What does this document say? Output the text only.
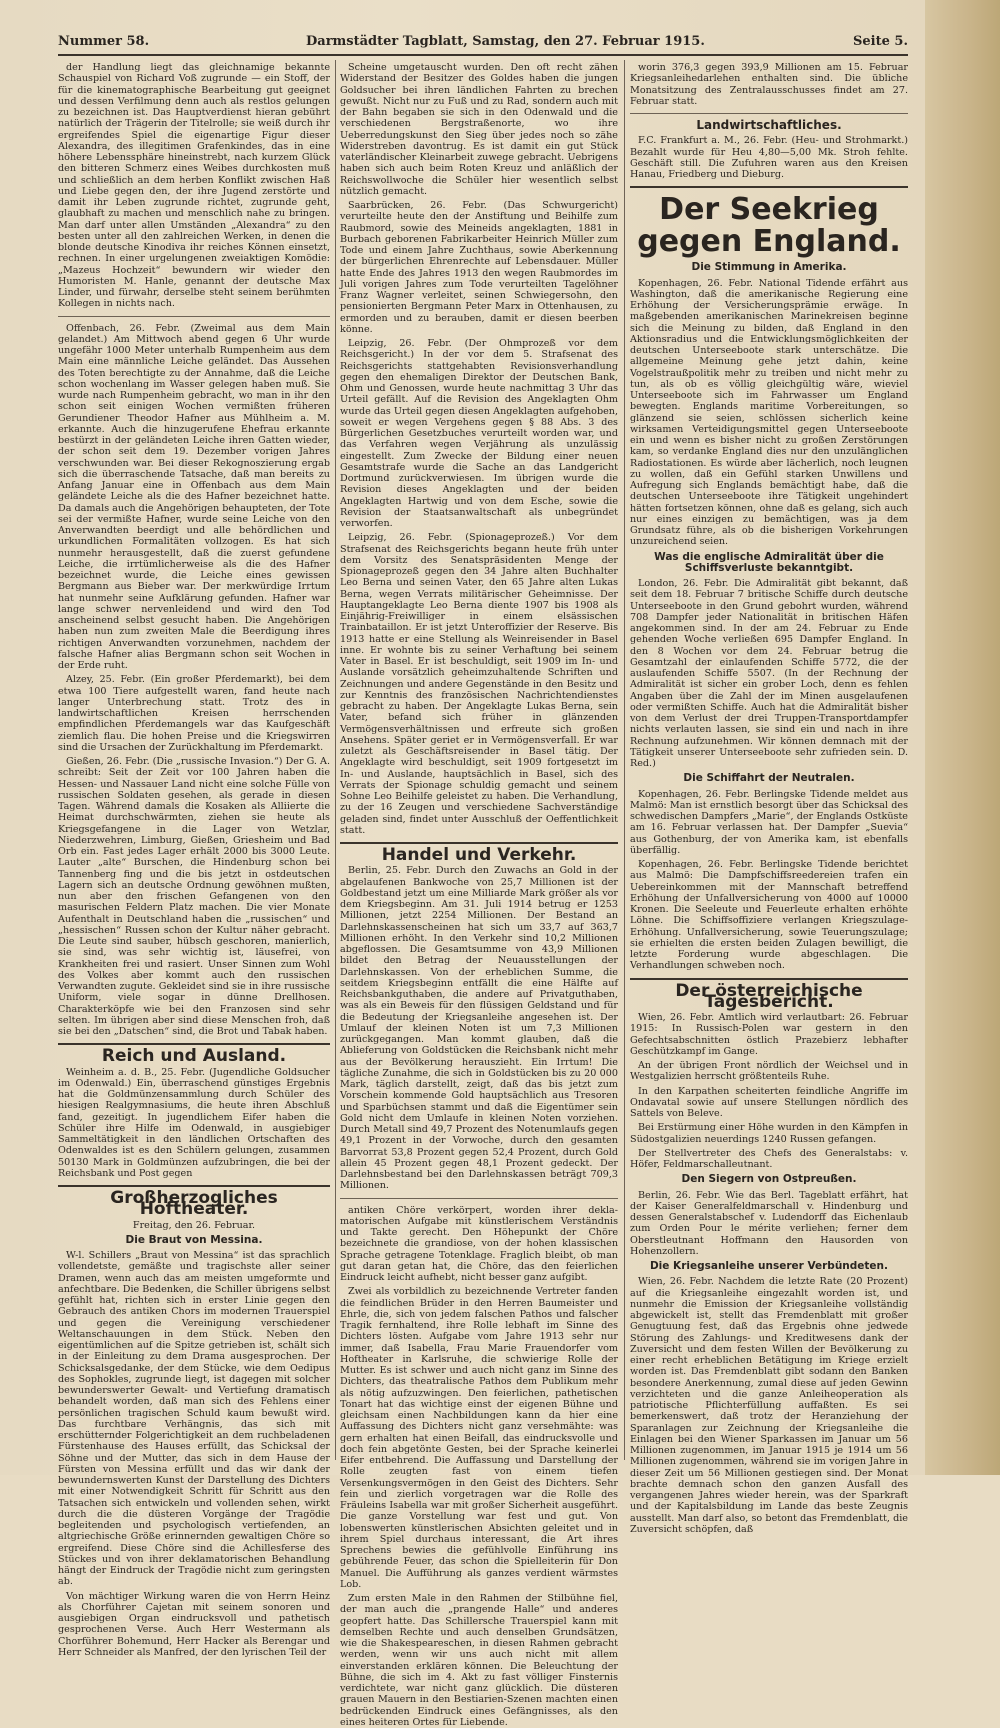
Nummer 58.	Darmstädter Tagblatt, Samstag, den 27. Februar 1915.	Seite 5.

der Handlung liegt das gleichnamige bekannte Schauspiel von Richard Voß zugrunde — ein Stoff, der für die kinematographische Bearbeitung gut geeignet und dessen Verfilmung denn auch als restlos gelungen zu bezeichnen ist. Das Hauptverdienst hieran gebührt natürlich der Trägerin der Titelrolle; sie weiß durch ihr ergreifendes Spiel die eigenartige Figur dieser Alexandra, des illegitimen Grafenkindes, das in eine höhere Lebenssphäre hineinstrebt, nach kurzem Glück den bitteren Schmerz eines Weibes durchkosten muß und schließlich an dem herben Konflikt zwischen Haß und Liebe gegen den, der ihre Jugend zerstörte und damit ihr Leben zugrunde richtet, zugrunde geht, glaubhaft zu machen und menschlich nahe zu bringen. Man darf unter allen Umständen „Alexandra“ zu den besten unter all den zahlreichen Werken, in denen die blonde deutsche Kinodiva ihr reiches Können einsetzt, rechnen. In einer urgelungenen zweiaktigen Komödie: „Mazeus Hochzeit“ bewundern wir wieder den Humoristen M. Hanle, genannt der deutsche Max Linder, und fürwahr, derselbe steht seinem berühmten Kollegen in nichts nach.

Offenbach, 26. Febr. (Zweimal aus dem Main gelandet.) Am Mittwoch abend gegen 6 Uhr wurde ungefähr 1000 Meter unterhalb Rumpenheim aus dem Main eine männliche Leiche geländet. Das Aussehen des Toten berechtigte zu der Annahme, daß die Leiche schon wochenlang im Wasser gelegen haben muß. Sie wurde nach Rumpenheim gebracht, wo man in ihr den schon seit einigen Wochen vermißten früheren Gerundiener Theodor Hafner aus Mühlheim a. M. erkannte. Auch die hinzugerufene Ehefrau erkannte bestürzt in der geländeten Leiche ihren Gatten wieder, der schon seit dem 19. Dezember vorigen Jahres verschwunden war. Bei dieser Rekognoszierung ergab sich die überraschende Tatsache, daß man bereits zu Anfang Januar eine in Offenbach aus dem Main geländete Leiche als die des Hafner bezeichnet hatte. Da damals auch die Angehörigen behaupteten, der Tote sei der vermißte Hafner, wurde seine Leiche von den Anverwandten beerdigt und alle behördlichen und urkundlichen Formalitäten vollzogen. Es hat sich nunmehr herausgestellt, daß die zuerst gefundene Leiche, die irrtümlicherweise als die des Hafner bezeichnet wurde, die Leiche eines gewissen Bergmann aus Bieber war. Der merkwürdige Irrtum hat nunmehr seine Aufklärung gefunden. Hafner war lange schwer nervenleidend und wird den Tod anscheinend selbst gesucht haben. Die Angehörigen haben nun zum zweiten Male die Beerdigung ihres richtigen Anverwandten vorzunehmen, nachdem der falsche Hafner alias Bergmann schon seit Wochen in der Erde ruht.

Alzey, 25. Febr. (Ein großer Pferdemarkt), bei dem etwa 100 Tiere aufgestellt waren, fand heute nach langer Unterbrechung statt. Trotz des in landwirtschaftlichen Kreisen herrschenden empfindlichen Pferdemangels war das Kaufgeschäft ziemlich flau. Die hohen Preise und die Kriegswirren sind die Ursachen der Zurückhaltung im Pferdemarkt.

Gießen, 26. Febr. (Die „russische Invasion.“) Der G. A. schreibt: Seit der Zeit vor 100 Jahren haben die Hessen- und Nassauer Land nicht eine solche Fülle von russischen Soldaten gesehen, als gerade in diesen Tagen. Während damals die Kosaken als Alliierte die Heimat durchschwärmten, ziehen sie heute als Kriegsgefangene in die Lager von Wetzlar, Niederzwehren, Limburg, Gießen, Griesheim und Bad Orb ein. Fast jedes Lager erhält 2000 bis 3000 Leute. Lauter „alte“ Burschen, die Hindenburg schon bei Tannenberg fing und die bis jetzt in ostdeutschen Lagern sich an deutsche Ordnung gewöhnen mußten, nun aber den frischen Gefangenen von den masurischen Feldern Platz machen. Die vier Monate Aufenthalt in Deutschland haben die „russischen“ und „hessischen“ Russen schon der Kultur näher gebracht. Die Leute sind sauber, hübsch geschoren, manierlich, sie sind, was sehr wichtig ist, läusefrei, von Krankheiten frei und rasiert. Unser Sinnen zum Wohl des Volkes aber kommt auch den russischen Verwandten zugute. Gekleidet sind sie in ihre russische Uniform, viele sogar in dünne Drellhosen. Charakterköpfe wie bei den Franzosen sind sehr selten. Im übrigen aber sind diese Menschen froh, daß sie bei den „Datschen“ sind, die Brot und Tabak haben.

Reich und Ausland.

Weinheim a. d. B., 25. Febr. (Jugendliche Goldsucher im Odenwald.) Ein, überraschend günstiges Ergebnis hat die Goldmünzensammlung durch Schüler des hiesigen Realgymnasiums, die heute ihren Abschluß fand, gezeitigt. In jugendlichem Eifer haben die Schüler ihre Hilfe im Odenwald, in ausgiebiger Sammeltätigkeit in den ländlichen Ortschaften des Odenwaldes ist es den Schülern gelungen, zusammen 50130 Mark in Goldmünzen aufzubringen, die bei der Reichsbank und Post gegen

Großherzogliches Hoftheater.
Freitag, den 26. Februar.
Die Braut von Messina.

W-l. Schillers „Braut von Messina“ ist das sprachlich vollendetste, gemäßte und tragischste aller seiner Dramen, wenn auch das am meisten umgeformte und anfechtbare. Die Bedenken, die Schiller übrigens selbst gefühlt hat, richten sich in erster Linie gegen den Gebrauch des antiken Chors im modernen Trauerspiel und gegen die Vereinigung verschiedener Weltanschauungen in dem Stück. Neben den eigentümlichen auf die Spitze getrieben ist, schält sich in der Einleitung zu dem Drama ausgesprochen. Der Schicksalsgedanke, der dem Stücke, wie dem Oedipus des Sophokles, zugrunde liegt, ist dagegen mit solcher bewunderswerter Gewalt- und Vertiefung dramatisch behandelt worden, daß man sich des Fehlens einer persönlichen tragischen Schuld kaum bewußt wird. Das furchtbare Verhängnis, das sich mit erschütternder Folgerichtigkeit an dem ruchbeladenen Fürstenhause des Hauses erfüllt, das Schicksal der Söhne und der Mutter, das sich in dem Hause der Fürsten von Messina erfüllt und das wir dank der bewundernswerten Kunst der Darstellung des Dichters mit einer Notwendigkeit Schritt für Schritt aus den Tatsachen sich entwickeln und vollenden sehen, wirkt durch die die düsteren Vorgänge der Tragödie begleitenden und psychologisch vertiefenden, an altgriechische Größe erinnernden gewaltigen Chöre so ergreifend. Diese Chöre sind die Achillesferse des Stückes und von ihrer deklamatorischen Behandlung hängt der Eindruck der Tragödie nicht zum geringsten ab.

Von mächtiger Wirkung waren die von Herrn Heinz als Chorführer Cajetan mit seinem sonoren und ausgiebigen Organ eindrucksvoll und pathetisch gesprochenen Verse. Auch Herr Westermann als Chorführer Bohemund, Herr Hacker als Berengar und Herr Schneider als Manfred, der den lyrischen Teil der

Scheine umgetauscht wurden. Den oft recht zähen Widerstand der Besitzer des Goldes haben die jungen Goldsucher bei ihren ländlichen Fahrten zu brechen gewußt. Nicht nur zu Fuß und zu Rad, sondern auch mit der Bahn begaben sie sich in den Odenwald und die verschiedenen Bergstraßenorte, wo ihre Ueberredungskunst den Sieg über jedes noch so zähe Widerstreben davontrug. Es ist damit ein gut Stück vaterländischer Kleinarbeit zuwege gebracht. Uebrigens haben sich auch beim Roten Kreuz und anläßlich der Reichswollwoche die Schüler hier wesentlich selbst nützlich gemacht.

Saarbrücken, 26. Febr. (Das Schwurgericht) verurteilte heute den der Anstiftung und Beihilfe zum Raubmord, sowie des Meineids angeklagten, 1881 in Burbach geborenen Fabrikarbeiter Heinrich Müller zum Tode und einem Jahre Zuchthaus, sowie Aberkennung der bürgerlichen Ehrenrechte auf Lebensdauer. Müller hatte Ende des Jahres 1913 den wegen Raubmordes im Juli vorigen Jahres zum Tode verurteilten Tagelöhner Franz Wagner verleitet, seinen Schwiegersohn, den pensionierten Bergmann Peter Marx in Ottenhausen, zu ermorden und zu berauben, damit er diesen beerben könne.

Leipzig, 26. Febr. (Der Ohmprozeß vor dem Reichsgericht.) In der vor dem 5. Strafsenat des Reichsgerichts stattgehabten Revisionsverhandlung gegen den ehemaligen Direktor der Deutschen Bank, Ohm und Genossen, wurde heute nachmittag 3 Uhr das Urteil gefällt. Auf die Revision des Angeklagten Ohm wurde das Urteil gegen diesen Angeklagten aufgehoben, soweit er wegen Vergehens gegen § 88 Abs. 3 des Bürgerlichen Gesetzbuches verurteilt worden war, und das Verfahren wegen Verjährung als unzulässig eingestellt. Zum Zwecke der Bildung einer neuen Gesamtstrafe wurde die Sache an das Landgericht Dortmund zurückverwiesen. Im übrigen wurde die Revision dieses Angeklagten und der beiden Angeklagten Hartwig und von dem Esche, sowie die Revision der Staatsanwaltschaft als unbegründet verworfen.

Leipzig, 26. Febr. (Spionageprozeß.) Vor dem Strafsenat des Reichsgerichts begann heute früh unter dem Vorsitz des Senatspräsidenten Menge der Spionageprozeß gegen den 34 Jahre alten Buchhalter Leo Berna und seinen Vater, den 65 Jahre alten Lukas Berna, wegen Verrats militärischer Geheimnisse. Der Hauptangeklagte Leo Berna diente 1907 bis 1908 als Einjährig-Freiwilliger in einem elsässischen Trainbataillon. Er ist jetzt Unteroffizier der Reserve. Bis 1913 hatte er eine Stellung als Weinreisender in Basel inne. Er wohnte bis zu seiner Verhaftung bei seinem Vater in Basel. Er ist beschuldigt, seit 1909 im In- und Auslande vorsätzlich geheimzuhaltende Schriften und Zeichnungen und andere Gegenstände in den Besitz und zur Kenntnis des französischen Nachrichtendienstes gebracht zu haben. Der Angeklagte Lukas Berna, sein Vater, befand sich früher in glänzenden Vermögensverhältnissen und erfreute sich großen Ansehens. Später geriet er in Vermögensverfall. Er war zuletzt als Geschäftsreisender in Basel tätig. Der Angeklagte wird beschuldigt, seit 1909 fortgesetzt im In- und Auslande, hauptsächlich in Basel, sich des Verrats der Spionage schuldig gemacht und seinem Sohne Leo Beihilfe geleistet zu haben. Die Verhandlung, zu der 16 Zeugen und verschiedene Sachverständige geladen sind, findet unter Ausschluß der Oeffentlichkeit statt.

Handel und Verkehr.

Berlin, 25. Febr. Durch den Zuwachs an Gold in der abgelaufenen Bankwoche von 25,7 Millionen ist der Goldbestand jetzt um eine Milliarde Mark größer als vor dem Kriegsbeginn. Am 31. Juli 1914 betrug er 1253 Millionen, jetzt 2254 Millionen. Der Bestand an Darlehnskassenscheinen hat sich um 33,7 auf 363,7 Millionen erhöht. In den Verkehr sind 10,2 Millionen abgeflossen. Die Gesamtsumme von 43,9 Millionen bildet den Betrag der Neuausstellungen der Darlehnskassen. Von der erheblichen Summe, die seitdem Kriegsbeginn entfällt die eine Hälfte auf Reichsbankguthaben, die andere auf Privatguthaben, was als ein Beweis für den flüssigen Geldstand und für die Bedeutung der Kriegsanleihe angesehen ist. Der Umlauf der kleinen Noten ist um 7,3 Millionen zurückgegangen. Man kommt glauben, daß die Ablieferung von Goldstücken die Reichsbank nicht mehr aus der Bevölkerung herauszieht. Ein Irrtum! Die tägliche Zunahme, die sich in Goldstücken bis zu 20 000 Mark, täglich darstellt, zeigt, daß das bis jetzt zum Vorschein kommende Gold hauptsächlich aus Tresoren und Sparbüchsen stammt und daß die Eigentümer sein Gold nicht dem Umlaufe in kleinen Noten vorziehen. Durch Metall sind 49,7 Prozent des Notenumlaufs gegen 49,1 Prozent in der Vorwoche, durch den gesamten Barvorrat 53,8 Prozent gegen 52,4 Prozent, durch Gold allein 45 Prozent gegen 48,1 Prozent gedeckt. Der Darlehnsbestand bei den Darlehnskassen beträgt 709,3 Millionen.

antiken Chöre verkörpert, worden ihrer dekla-matorischen Aufgabe mit künstlerischem Verständnis und Takte gerecht. Den Höhepunkt der Chöre bezeichnete die grandiose, von der hohen klassischen Sprache getragene Totenklage. Fraglich bleibt, ob man gut daran getan hat, die Chöre, das den feierlichen Eindruck leicht aufhebt, nicht besser ganz aufgibt.

Zwei als vorbildlich zu bezeichnende Vertreter fanden die feindlichen Brüder in den Herren Baumeister und Ehrle, die, sich von jedem falschen Pathos und falscher Tragik fernhaltend, ihre Rolle lebhaft im Sinne des Dichters lösten. Aufgabe vom Jahre 1913 sehr nur immer, daß Isabella, Frau Marie Frauendorfer vom Hoftheater in Karlsruhe, die schwierige Rolle der Mutter. Es ist schwer und auch nicht ganz im Sinne des Dichters, das theatralische Pathos dem Publikum mehr als nötig aufzuzwingen. Den feierlichen, pathetischen Tonart hat das wichtige einst der eigenen Bühne und gleichsam einen Nachbildungen kann da hier eine Auffassung des Dichters nicht ganz versehmähte: was gern erhalten hat einen Beifall, das eindrucksvolle und doch fein abgetönte Gesten, bei der Sprache keinerlei Eifer entbehrend. Die Auffassung und Darstellung der Rolle zeugten fast von einem tiefen Versenkungsvermögen in den Geist des Dichters. Sehr fein und zierlich vorgetragen war die Rolle des Fräuleins Isabella war mit großer Sicherheit ausgeführt. Die ganze Vorstellung war fest und gut. Von lobenswerten künstlerischen Absichten geleitet und in ihrem Spiel durchaus interessant, die Art ihres Sprechens bewies die gefühlvolle Einführung ins gebührende Feuer, das schon die Spielleiterin für Don Manuel. Die Aufführung als ganzes verdient wärmstes Lob.

Zum ersten Male in den Rahmen der Stilbühne fiel, der man auch die „prangende Halle“ und anderes geopfert hatte. Das Schillersche Trauerspiel kann mit demselben Rechte und auch denselben Grundsätzen, wie die Shakespeareschen, in diesen Rahmen gebracht werden, wenn wir uns auch nicht mit allem einverstanden erklären können. Die Beleuchtung der Bühne, die sich im 4. Akt zu fast völliger Finsternis verdichtete, war nicht ganz glücklich. Die düsteren grauen Mauern in den Bestiarien-Szenen machten einen bedrückenden Eindruck eines Gefängnisses, als den eines heiteren Ortes für Liebende.

worin 376,3 gegen 393,9 Millionen am 15. Februar Kriegsanleihedarlehen enthalten sind. Die übliche Monatsitzung des Zentralausschusses findet am 27. Februar statt.

Landwirtschaftliches.

F.C. Frankfurt a. M., 26. Febr. (Heu- und Strohmarkt.) Bezahlt wurde für Heu 4,80—5,00 Mk. Stroh fehlte. Geschäft still. Die Zufuhren waren aus den Kreisen Hanau, Friedberg und Dieburg.

Der Seekrieg gegen England.
Die Stimmung in Amerika.

Kopenhagen, 26. Febr. National Tidende erfährt aus Washington, daß die amerikanische Regierung eine Erhöhung der Versicherungsprämie erwäge. In maßgebenden amerikanischen Marinekreisen beginne sich die Meinung zu bilden, daß England in den Aktionsradius und die Entwicklungsmöglichkeiten der deutschen Unterseeboote stark unterschätze. Die allgemeine Meinung gehe jetzt dahin, keine Vogelstraußpolitik mehr zu treiben und nicht mehr zu tun, als ob es völlig gleichgültig wäre, wieviel Unterseeboote sich im Fahrwasser um England bewegten. Englands maritime Vorbereitungen, so glänzend sie seien, schlössen sicherlich keine wirksamen Verteidigungsmittel gegen Unterseeboote ein und wenn es bisher nicht zu großen Zerstörungen kam, so verdanke England dies nur den unzulänglichen Radiostationen. Es würde aber lächerlich, noch leugnen zu wollen, daß ein Gefühl starken Unwillens und Aufregung sich Englands bemächtigt habe, daß die deutschen Unterseeboote ihre Tätigkeit ungehindert hätten fortsetzen können, ohne daß es gelang, sich auch nur eines einzigen zu bemächtigen, was ja dem Grundsatz führe, als ob die bisherigen Vorkehrungen unzureichend seien.

Was die englische Admiralität über die Schiffsverluste bekanntgibt.

London, 26. Febr. Die Admiralität gibt bekannt, daß seit dem 18. Februar 7 britische Schiffe durch deutsche Unterseeboote in den Grund gebohrt wurden, während 708 Dampfer jeder Nationalität in britischen Häfen angekommen sind. In der am 24. Februar zu Ende gehenden Woche verließen 695 Dampfer England. In den 8 Wochen vor dem 24. Februar betrug die Gesamtzahl der einlaufenden Schiffe 5772, die der auslaufenden Schiffe 5507. (In der Rechnung der Admiralität ist sicher ein grober Loch, denn es fehlen Angaben über die Zahl der im Minen ausgelaufenen oder vermißten Schiffe. Auch hat die Admiralität bisher von dem Verlust der drei Truppen-Transportdampfer nichts verlauten lassen, sie sind ein und nach in ihre Rechnung aufzunehmen. Wir können demnach mit der Tätigkeit unserer Unterseeboote sehr zufrieden sein. D. Red.)

Die Schiffahrt der Neutralen.

Kopenhagen, 26. Febr. Berlingske Tidende meldet aus Malmö: Man ist ernstlich besorgt über das Schicksal des schwedischen Dampfers „Marie“, der Englands Ostküste am 16. Februar verlassen hat. Der Dampfer „Suevia“ aus Gothenburg, der von Amerika kam, ist ebenfalls überfällig.

Kopenhagen, 26. Febr. Berlingske Tidende berichtet aus Malmö: Die Dampfschiffsreedereien trafen ein Uebereinkommen mit der Mannschaft betreffend Erhöhung der Unfallversicherung von 4000 auf 10000 Kronen. Die Seeleute und Feuerleute erhalten erhöhte Löhne. Die Schiffsoffiziere verlangen Kriegszulage-Erhöhung. Unfallversicherung, sowie Teuerungszulage; sie erhielten die ersten beiden Zulagen bewilligt, die letzte Forderung wurde abgeschlagen. Die Verhandlungen schweben noch.

Der österreichische Tagesbericht.

Wien, 26. Febr. Amtlich wird verlautbart: 26. Februar 1915: In Russisch-Polen war gestern in den Gefechtsabschnitten östlich Prazebierz lebhafter Geschützkampf im Gange.

An der übrigen Front nördlich der Weichsel und in Westgalizien herrscht größtenteils Ruhe.

In den Karpathen scheiterten feindliche Angriffe im Ondavatal sowie auf unsere Stellungen nördlich des Sattels von Beleve.

Bei Erstürmung einer Höhe wurden in den Kämpfen in Südostgalizien neuerdings 1240 Russen gefangen.

Der Stellvertreter des Chefs des Generalstabs: v. Höfer, Feldmarschalleutnant.

Den Siegern von Ostpreußen.

Berlin, 26. Febr. Wie das Berl. Tageblatt erfährt, hat der Kaiser Generalfeldmarschall v. Hindenburg und dessen Generalstabschef v. Ludendorff das Eichenlaub zum Orden Pour le mérite verliehen; ferner dem Oberstleutnant Hoffmann den Hausorden von Hohenzollern.

Die Kriegsanleihe unserer Verbündeten.

Wien, 26. Febr. Nachdem die letzte Rate (20 Prozent) auf die Kriegsanleihe eingezahlt worden ist, und nunmehr die Emission der Kriegsanleihe vollständig abgewickelt ist, stellt das Fremdenblatt mit großer Genugtuung fest, daß das Ergebnis ohne jedwede Störung des Zahlungs- und Kreditwesens dank der Zuversicht und dem festen Willen der Bevölkerung zu einer recht erheblichen Betätigung im Kriege erzielt worden ist. Das Fremdenblatt gibt sodann den Banken besondere Anerkennung, zumal diese auf jeden Gewinn verzichteten und die ganze Anleiheoperation als patriotische Pflichterfüllung auffaßten. Es sei bemerkenswert, daß trotz der Heranziehung der Sparanlagen zur Zeichnung der Kriegsanleihe die Einlagen bei den Wiener Sparkassen im Januar um 56 Millionen zugenommen, im Januar 1915 je 1914 um 56 Millionen zugenommen, während sie im vorigen Jahre in dieser Zeit um 56 Millionen gestiegen sind. Der Monat brachte demnach schon den ganzen Ausfall des vergangenen Jahres wieder herein, was der Sparkraft und der Kapitalsbildung im Lande das beste Zeugnis ausstellt. Man darf also, so betont das Fremdenblatt, die Zuversicht schöpfen, daß
